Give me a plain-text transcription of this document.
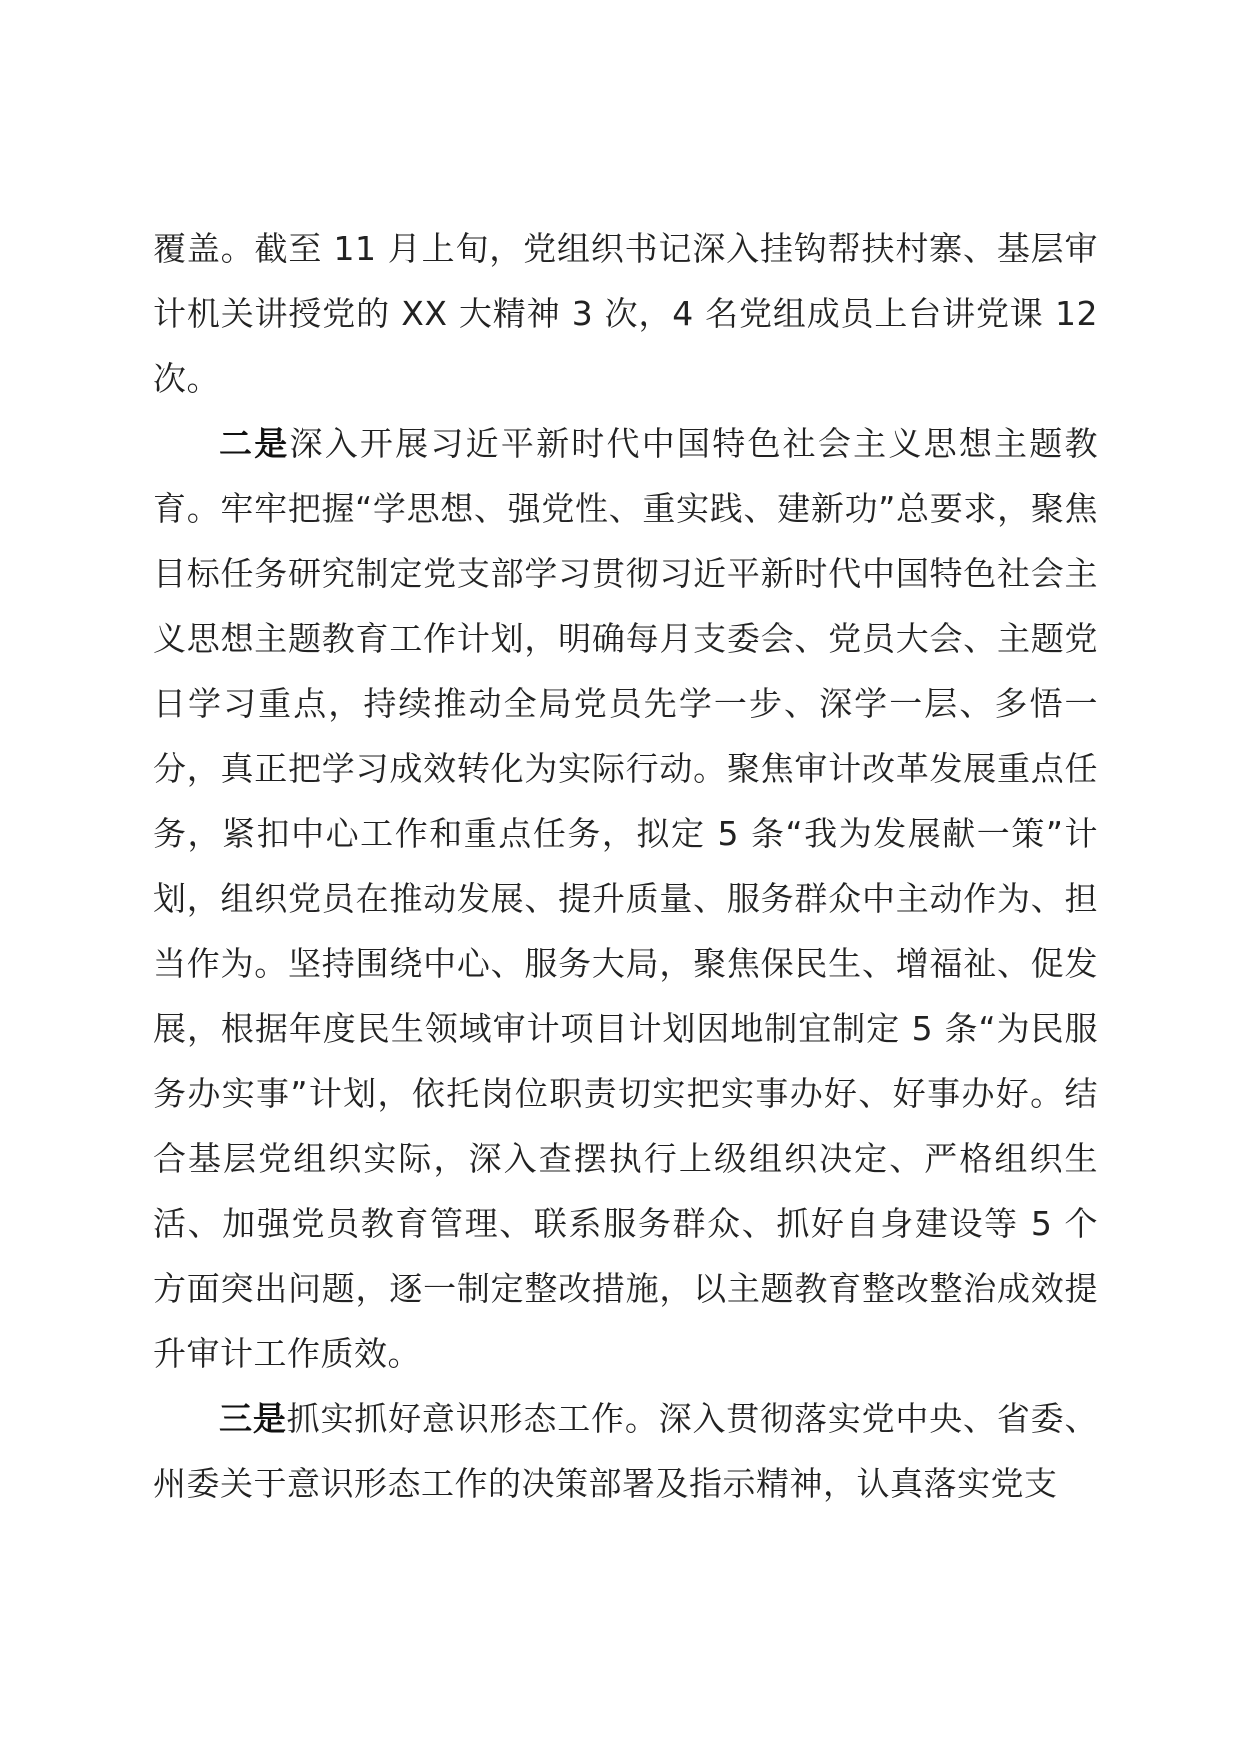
覆盖。截至 11 月上旬，党组织书记深入挂钩帮扶村寨、基层审计机关讲授党的 XX 大精神 3 次，4 名党组成员上台讲党课 12 次。

二是深入开展习近平新时代中国特色社会主义思想主题教育。牢牢把握“学思想、强党性、重实践、建新功”总要求，聚焦目标任务研究制定党支部学习贯彻习近平新时代中国特色社会主义思想主题教育工作计划，明确每月支委会、党员大会、主题党日学习重点，持续推动全局党员先学一步、深学一层、多悟一分，真正把学习成效转化为实际行动。聚焦审计改革发展重点任务，紧扣中心工作和重点任务，拟定 5 条“我为发展献一策”计划，组织党员在推动发展、提升质量、服务群众中主动作为、担当作为。坚持围绕中心、服务大局，聚焦保民生、增福祉、促发展，根据年度民生领域审计项目计划因地制宜制定 5 条“为民服务办实事”计划，依托岗位职责切实把实事办好、好事办好。结合基层党组织实际，深入查摆执行上级组织决定、严格组织生活、加强党员教育管理、联系服务群众、抓好自身建设等 5 个方面突出问题，逐一制定整改措施，以主题教育整改整治成效提升审计工作质效。

三是抓实抓好意识形态工作。深入贯彻落实党中央、省委、州委关于意识形态工作的决策部署及指示精神，认真落实党支
